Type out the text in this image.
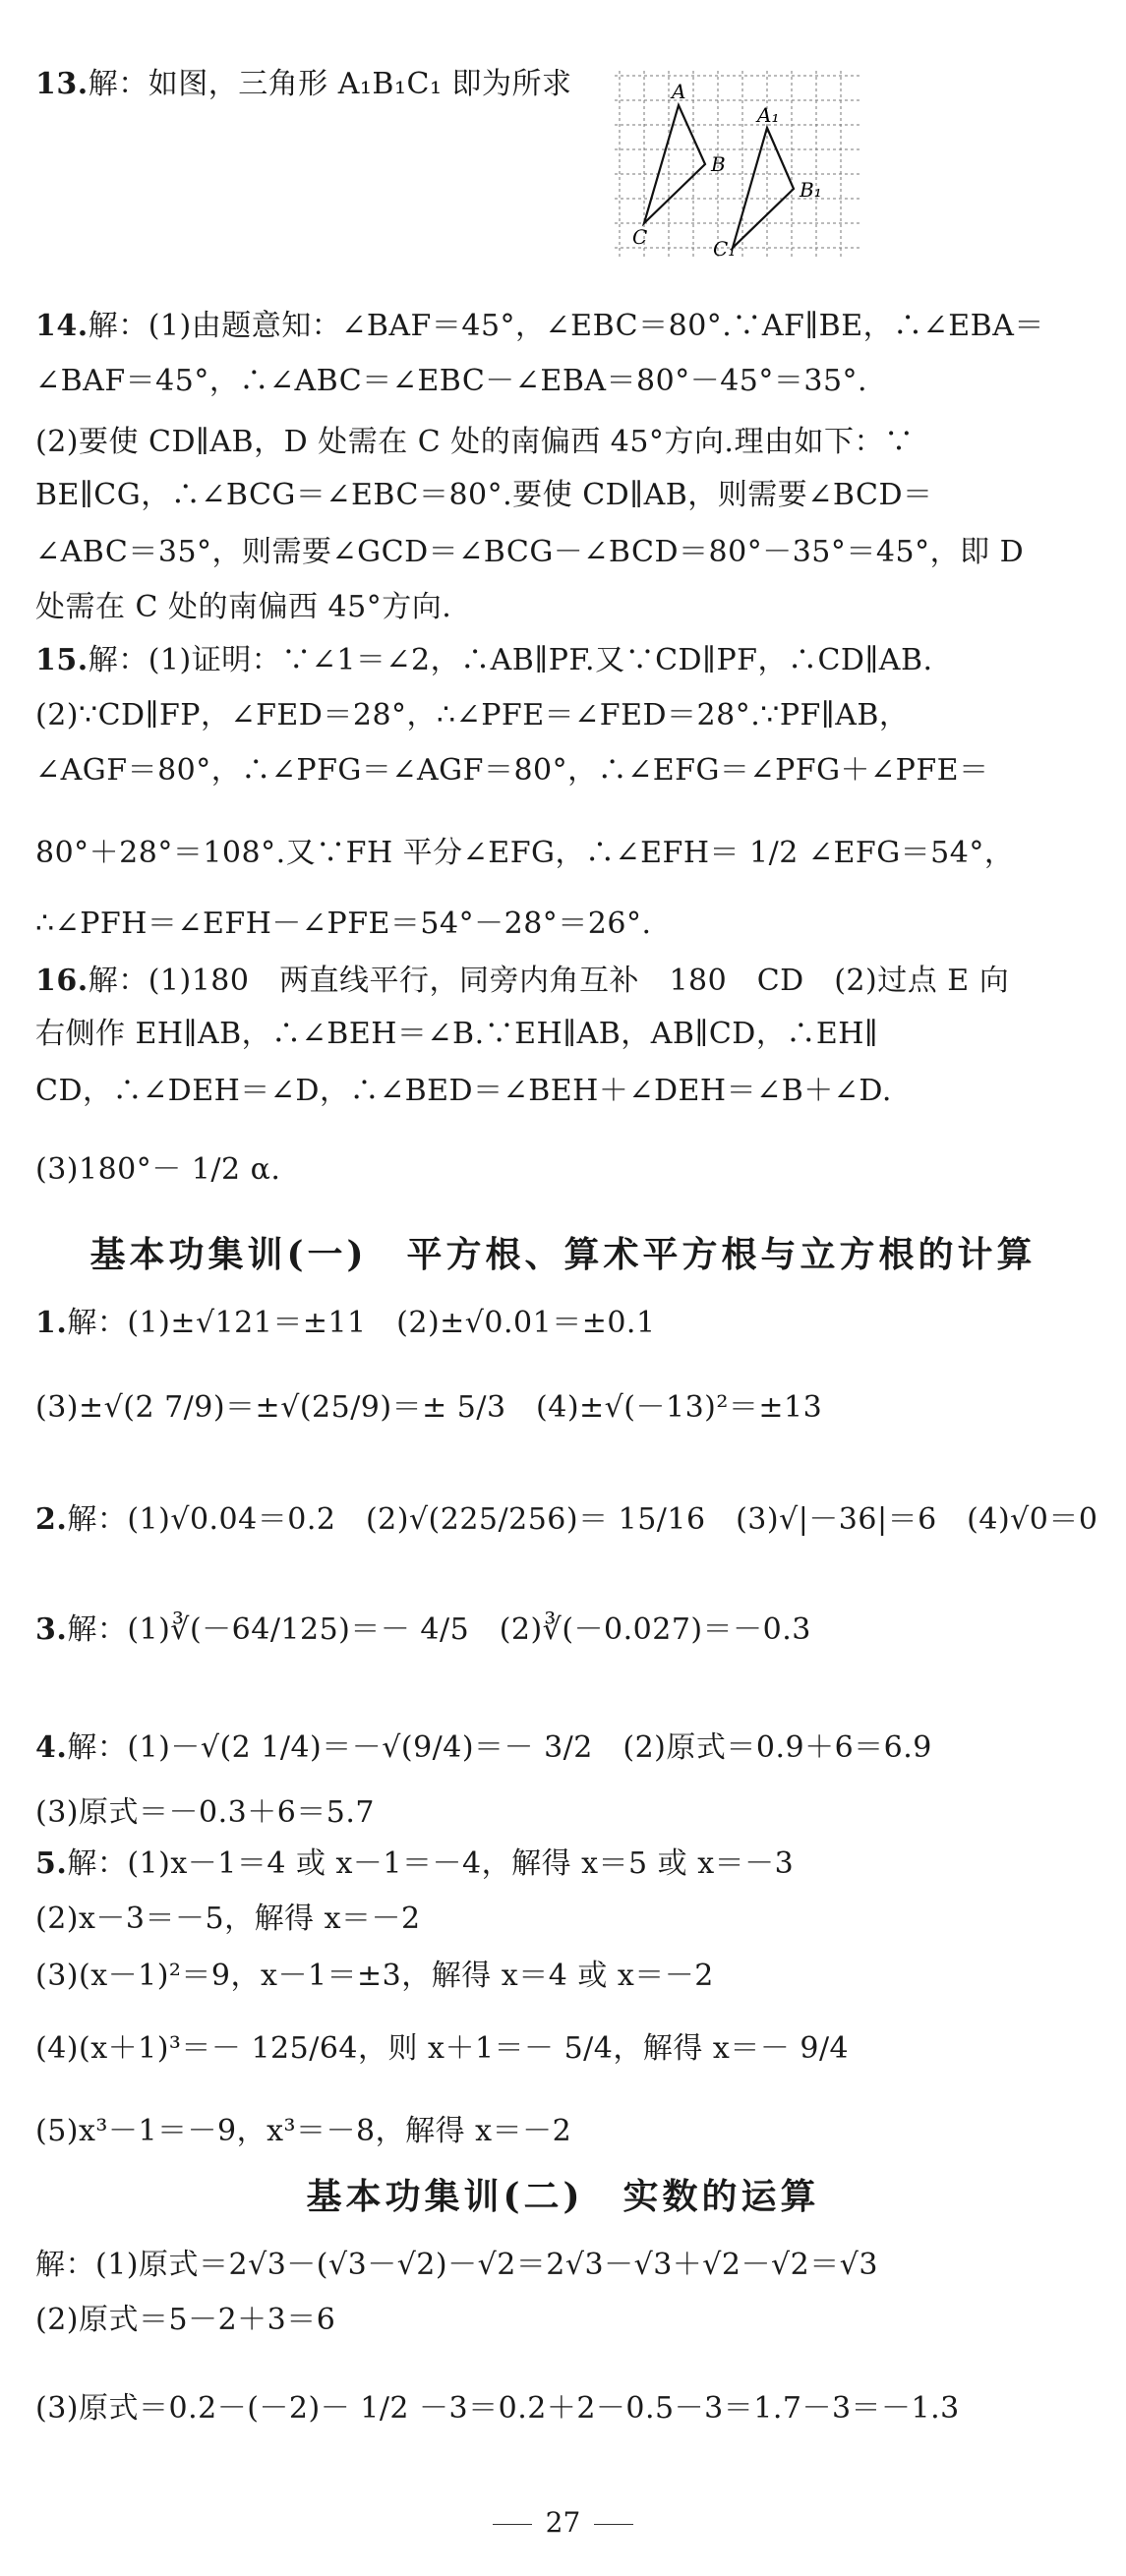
13.解：如图，三角形 A₁B₁C₁ 即为所求	A
B
C
A₁
B₁
C₁
14.解：(1)由题意知：∠BAF＝45°，∠EBC＝80°.∵AF∥BE，∴∠EBA＝
∠BAF＝45°，∴∠ABC＝∠EBC－∠EBA＝80°－45°＝35°.
(2)要使 CD∥AB，D 处需在 C 处的南偏西 45°方向.理由如下：∵
BE∥CG，∴∠BCG＝∠EBC＝80°.要使 CD∥AB，则需要∠BCD＝
∠ABC＝35°，则需要∠GCD＝∠BCG－∠BCD＝80°－35°＝45°，即 D
处需在 C 处的南偏西 45°方向.
15.解：(1)证明：∵∠1＝∠2，∴AB∥PF.又∵CD∥PF，∴CD∥AB.
(2)∵CD∥FP，∠FED＝28°，∴∠PFE＝∠FED＝28°.∵PF∥AB，
∠AGF＝80°，∴∠PFG＝∠AGF＝80°，∴∠EFG＝∠PFG＋∠PFE＝
80°＋28°＝108°.又∵FH 平分∠EFG，∴∠EFH＝ 1/2 ∠EFG＝54°，
∴∠PFH＝∠EFH－∠PFE＝54°－28°＝26°.
16.解：(1)180　两直线平行，同旁内角互补　180　CD　(2)过点 E 向
右侧作 EH∥AB，∴∠BEH＝∠B.∵EH∥AB，AB∥CD，∴EH∥
CD，∴∠DEH＝∠D，∴∠BED＝∠BEH＋∠DEH＝∠B＋∠D.
(3)180°－ 1/2 α.
基本功集训(一)　平方根、算术平方根与立方根的计算
1.解：(1)±√121＝±11　(2)±√0.01＝±0.1
(3)±√(2 7/9)＝±√(25/9)＝± 5/3　(4)±√(－13)²＝±13
2.解：(1)√0.04＝0.2　(2)√(225/256)＝ 15/16　(3)√|－36|＝6　(4)√0＝0
3.解：(1)∛(－64/125)＝－ 4/5　(2)∛(－0.027)＝－0.3
4.解：(1)－√(2 1/4)＝－√(9/4)＝－ 3/2　(2)原式＝0.9＋6＝6.9
(3)原式＝－0.3＋6＝5.7
5.解：(1)x－1＝4 或 x－1＝－4，解得 x＝5 或 x＝－3
(2)x－3＝－5，解得 x＝－2
(3)(x－1)²＝9，x－1＝±3，解得 x＝4 或 x＝－2
(4)(x＋1)³＝－ 125/64，则 x＋1＝－ 5/4，解得 x＝－ 9/4
(5)x³－1＝－9，x³＝－8，解得 x＝－2
基本功集训(二)　实数的运算
解：(1)原式＝2√3－(√3－√2)－√2＝2√3－√3＋√2－√2＝√3
(2)原式＝5－2＋3＝6
(3)原式＝0.2－(－2)－ 1/2 －3＝0.2＋2－0.5－3＝1.7－3＝－1.3
27
